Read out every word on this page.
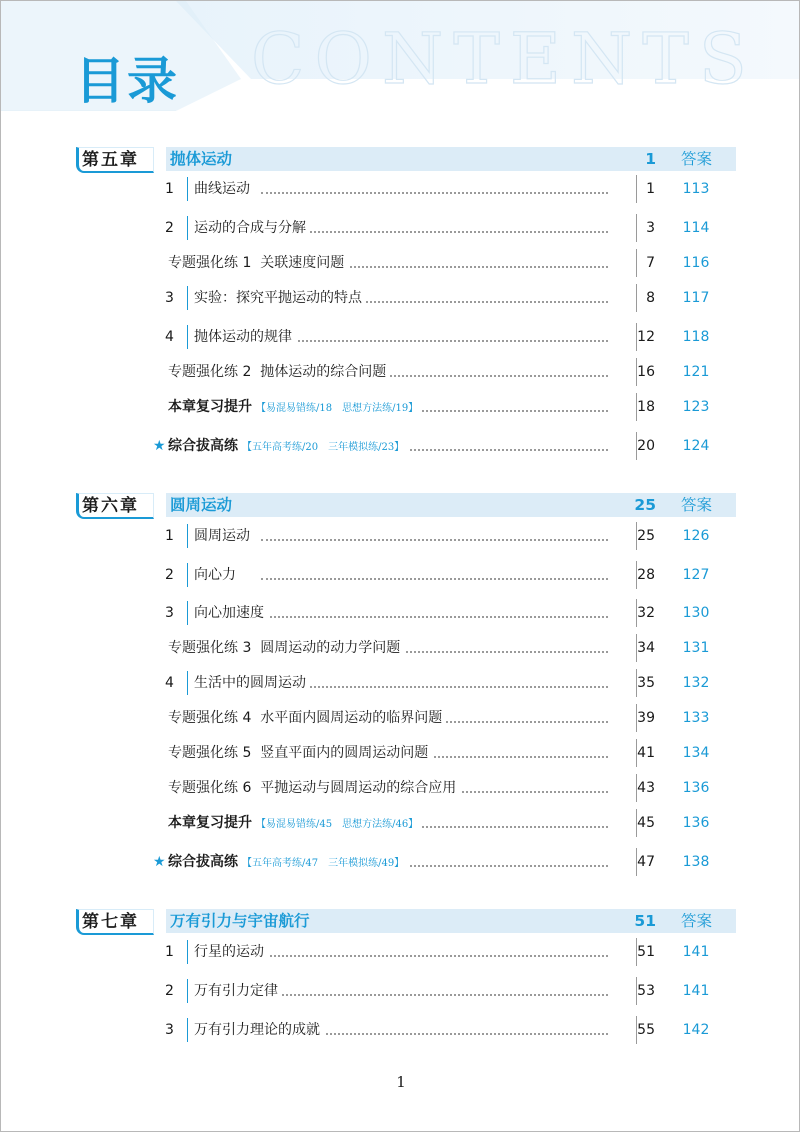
CONTENTS
目录
第五章 抛体运动	1	答案
1	曲线运动	1	113
2	运动的合成与分解	3	114
专题强化练 1 关联速度问题	7	116
3	实验：探究平抛运动的特点	8	117
4	抛体运动的规律	12	118
专题强化练 2 抛体运动的综合问题	16	121
本章复习提升 【易混易错练/18　思想方法练/19】	18	123
★ 综合拔高练 【五年高考练/20　三年模拟练/23】	20	124
第六章 圆周运动	25	答案
1	圆周运动	25	126
2	向心力	28	127
3	向心加速度	32	130
专题强化练 3 圆周运动的动力学问题	34	131
4	生活中的圆周运动	35	132
专题强化练 4 水平面内圆周运动的临界问题	39	133
专题强化练 5 竖直平面内的圆周运动问题	41	134
专题强化练 6 平抛运动与圆周运动的综合应用	43	136
本章复习提升 【易混易错练/45　思想方法练/46】	45	136
★ 综合拔高练 【五年高考练/47　三年模拟练/49】	47	138
第七章 万有引力与宇宙航行	51	答案
1	行星的运动	51	141
2	万有引力定律	53	141
3	万有引力理论的成就	55	142
1
